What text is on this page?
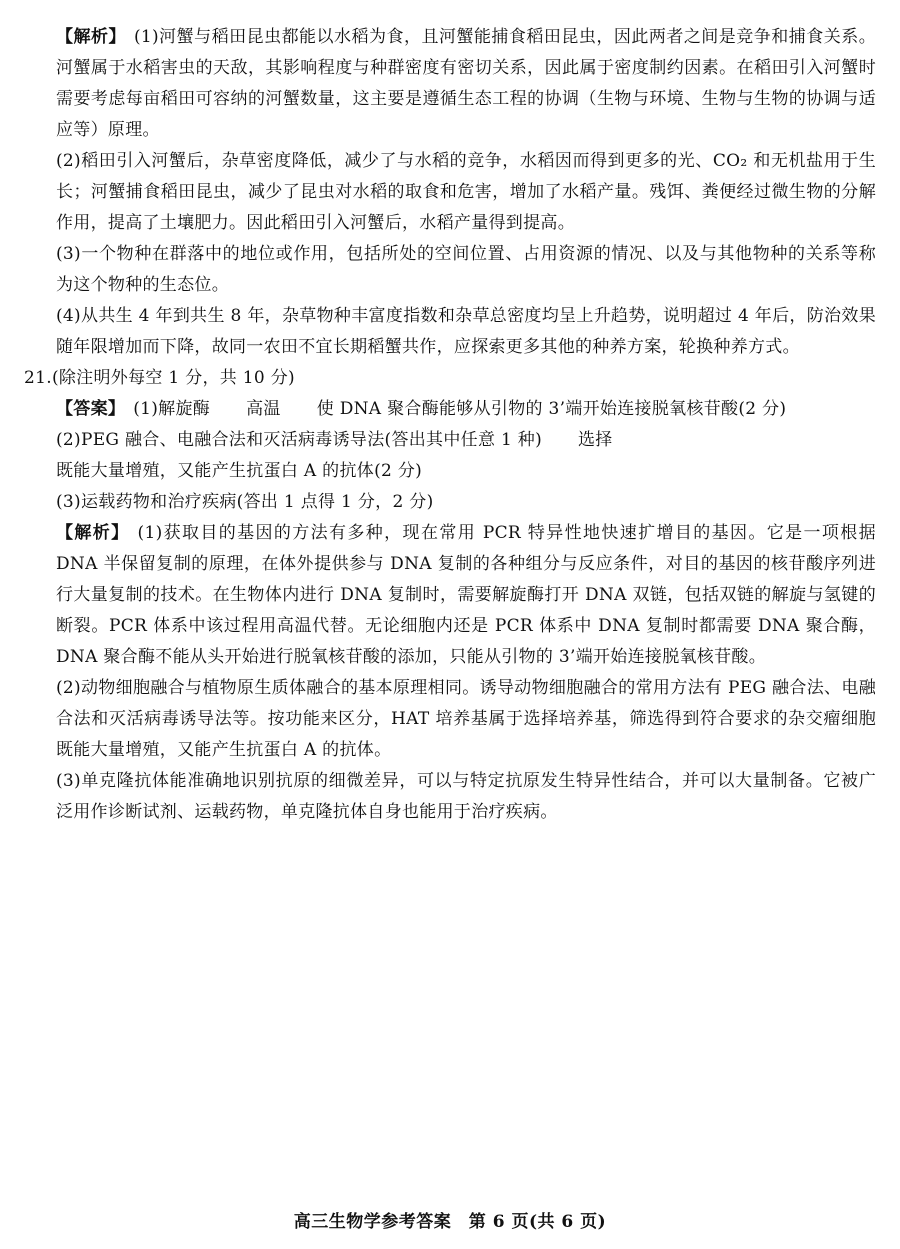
【解析】 (1)河蟹与稻田昆虫都能以水稻为食，且河蟹能捕食稻田昆虫，因此两者之间是竞争和捕食关系。河蟹属于水稻害虫的天敌，其影响程度与种群密度有密切关系，因此属于密度制约因素。在稻田引入河蟹时需要考虑每亩稻田可容纳的河蟹数量，这主要是遵循生态工程的协调（生物与环境、生物与生物的协调与适应等）原理。

(2)稻田引入河蟹后，杂草密度降低，减少了与水稻的竞争，水稻因而得到更多的光、CO₂ 和无机盐用于生长；河蟹捕食稻田昆虫，减少了昆虫对水稻的取食和危害，增加了水稻产量。残饵、粪便经过微生物的分解作用，提高了土壤肥力。因此稻田引入河蟹后，水稻产量得到提高。

(3)一个物种在群落中的地位或作用，包括所处的空间位置、占用资源的情况、以及与其他物种的关系等称为这个物种的生态位。

(4)从共生 4 年到共生 8 年，杂草物种丰富度指数和杂草总密度均呈上升趋势，说明超过 4 年后，防治效果随年限增加而下降，故同一农田不宜长期稻蟹共作，应探索更多其他的种养方案，轮换种养方式。

21.(除注明外每空 1 分，共 10 分)

【答案】 (1)解旋酶 高温 使 DNA 聚合酶能够从引物的 3’端开始连接脱氧核苷酸(2 分)

(2)PEG 融合、电融合法和灭活病毒诱导法(答出其中任意 1 种) 选择

既能大量增殖，又能产生抗蛋白 A 的抗体(2 分)

(3)运载药物和治疗疾病(答出 1 点得 1 分，2 分)

【解析】 (1)获取目的基因的方法有多种，现在常用 PCR 特异性地快速扩增目的基因。它是一项根据 DNA 半保留复制的原理，在体外提供参与 DNA 复制的各种组分与反应条件，对目的基因的核苷酸序列进行大量复制的技术。在生物体内进行 DNA 复制时，需要解旋酶打开 DNA 双链，包括双链的解旋与氢键的断裂。PCR 体系中该过程用高温代替。无论细胞内还是 PCR 体系中 DNA 复制时都需要 DNA 聚合酶，DNA 聚合酶不能从头开始进行脱氧核苷酸的添加，只能从引物的 3’端开始连接脱氧核苷酸。

(2)动物细胞融合与植物原生质体融合的基本原理相同。诱导动物细胞融合的常用方法有 PEG 融合法、电融合法和灭活病毒诱导法等。按功能来区分，HAT 培养基属于选择培养基，筛选得到符合要求的杂交瘤细胞既能大量增殖，又能产生抗蛋白 A 的抗体。

(3)单克隆抗体能准确地识别抗原的细微差异，可以与特定抗原发生特异性结合，并可以大量制备。它被广泛用作诊断试剂、运载药物，单克隆抗体自身也能用于治疗疾病。

高三生物学参考答案　第 6 页(共 6 页)
